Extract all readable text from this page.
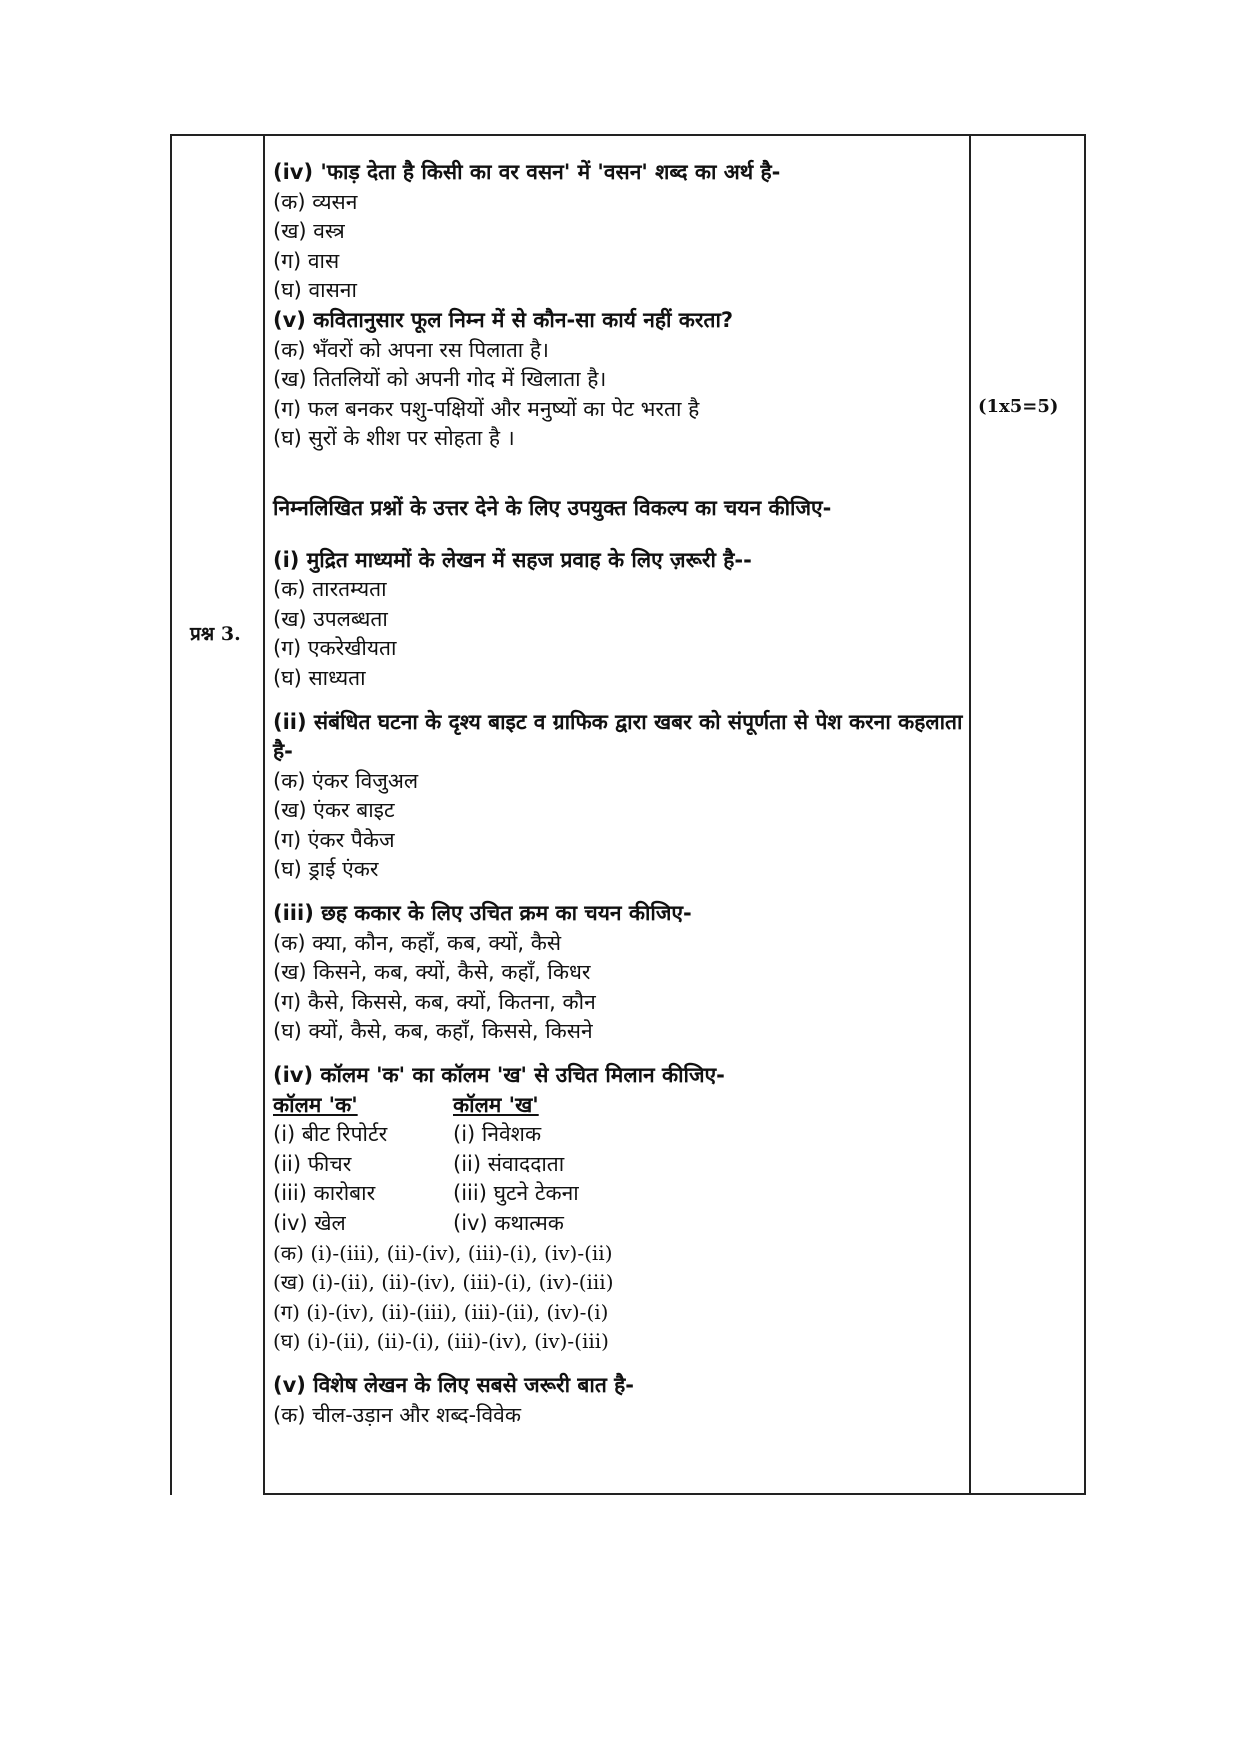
प्रश्न 3.
(1x5=5)
(iv) 'फाड़ देता है किसी का वर वसन' में 'वसन' शब्द का अर्थ है-
(क) व्यसन
(ख) वस्त्र
(ग) वास
(घ) वासना
(v) कवितानुसार फूल निम्न में से कौन-सा कार्य नहीं करता?
(क) भँवरों को अपना रस पिलाता है।
(ख) तितलियों को अपनी गोद में खिलाता है।
(ग) फल बनकर पशु-पक्षियों और मनुष्यों का पेट भरता है
(घ) सुरों के शीश पर सोहता है ।
निम्नलिखित प्रश्नों के उत्तर देने के लिए उपयुक्त विकल्प का चयन कीजिए-
(i) मुद्रित माध्यमों के लेखन में सहज प्रवाह के लिए ज़रूरी है--
(क) तारतम्यता
(ख) उपलब्धता
(ग) एकरेखीयता
(घ) साध्यता
(ii) संबंधित घटना के दृश्य बाइट व ग्राफिक द्वारा खबर को संपूर्णता से पेश करना कहलाता है-
(क) एंकर विजुअल
(ख) एंकर बाइट
(ग) एंकर पैकेज
(घ) ड्राई एंकर
(iii) छह ककार के लिए उचित क्रम का चयन कीजिए-
(क) क्या, कौन, कहाँ, कब, क्यों, कैसे
(ख) किसने, कब, क्यों, कैसे, कहाँ, किधर
(ग) कैसे, किससे, कब, क्यों, कितना, कौन
(घ) क्यों, कैसे, कब, कहाँ, किससे, किसने
(iv) कॉलम 'क' का कॉलम 'ख' से उचित मिलान कीजिए-
कॉलम 'क'	कॉलम 'ख'
(i) बीट रिपोर्टर	(i) निवेशक
(ii) फीचर	(ii) संवाददाता
(iii) कारोबार	(iii) घुटने टेकना
(iv) खेल	(iv) कथात्मक
(क) (i)-(iii), (ii)-(iv), (iii)-(i), (iv)-(ii)
(ख) (i)-(ii), (ii)-(iv), (iii)-(i), (iv)-(iii)
(ग) (i)-(iv), (ii)-(iii), (iii)-(ii), (iv)-(i)
(घ) (i)-(ii), (ii)-(i), (iii)-(iv), (iv)-(iii)
(v) विशेष लेखन के लिए सबसे जरूरी बात है-
(क) चील-उड़ान और शब्द-विवेक
